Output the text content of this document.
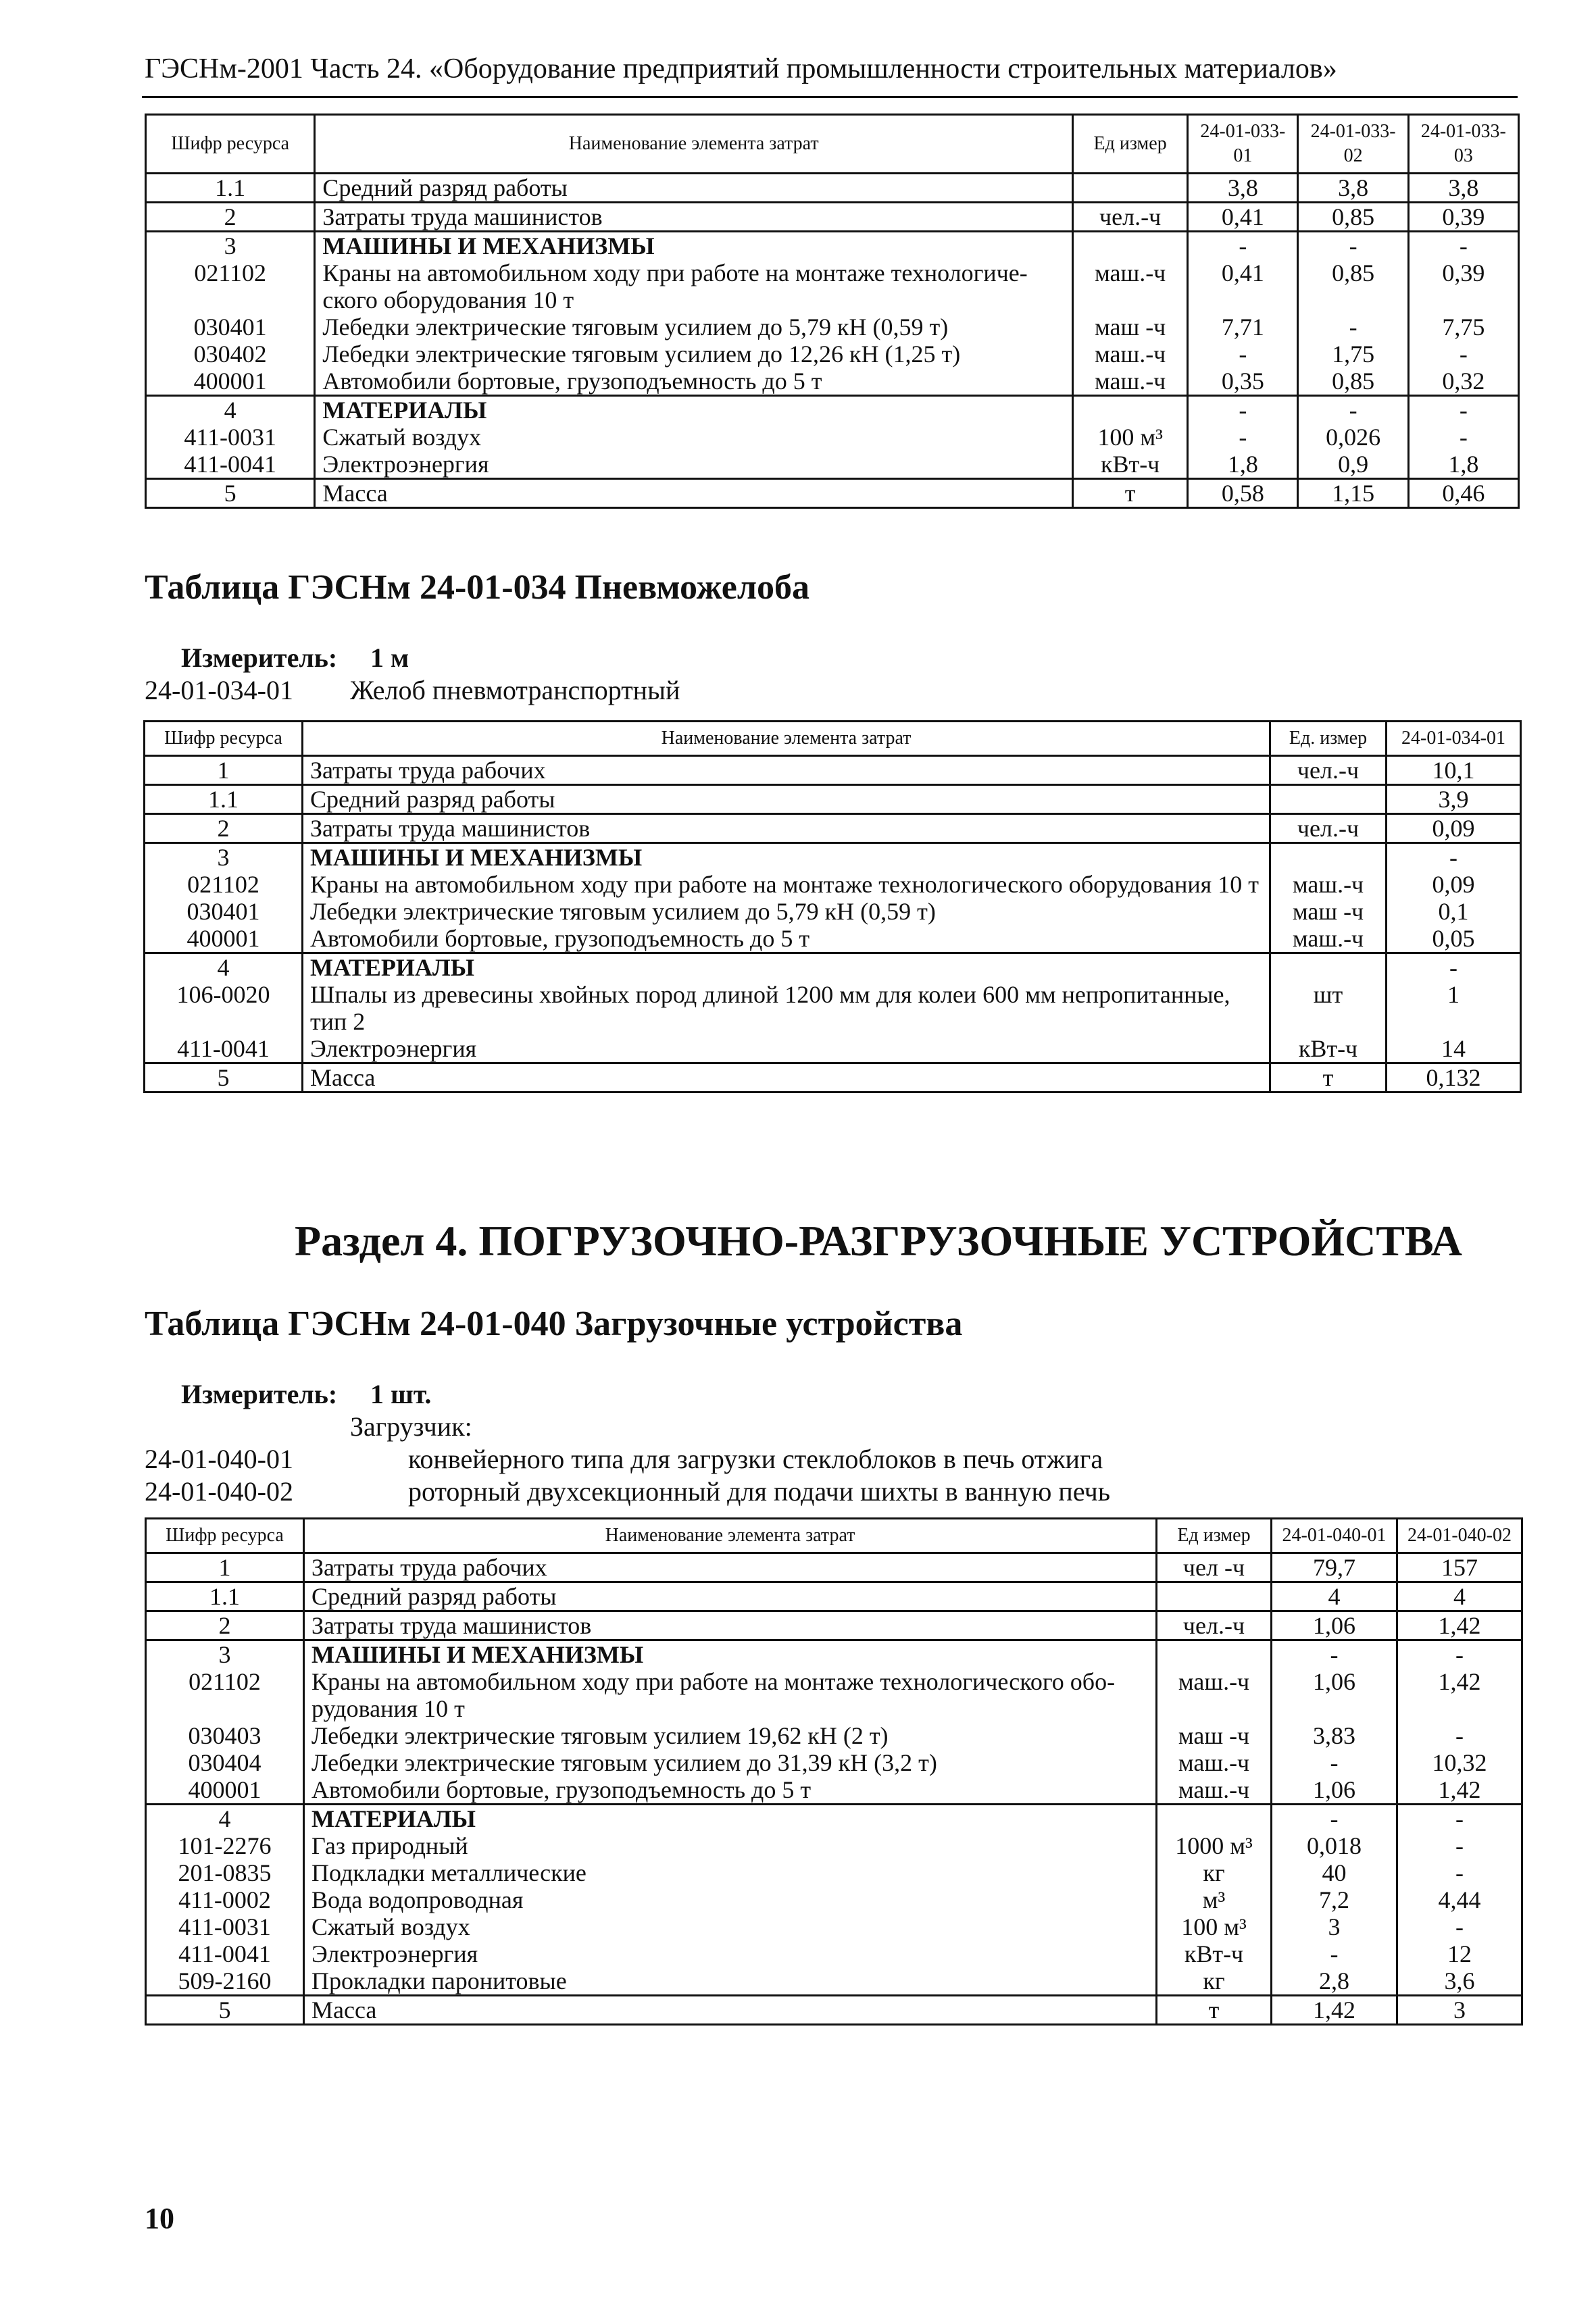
ГЭСНм-2001 Часть 24. «Оборудование предприятий промышленности строительных материалов»
Шифр ресурса	Наименование элемента затрат	Ед измер	24-01-033-01	24-01-033-02	24-01-033-03
1.1	Средний разряд работы		3,8	3,8	3,8
2	Затраты труда машинистов	чел.-ч	0,41	0,85	0,39
3	МАШИНЫ И МЕХАНИЗМЫ		-	-	-
021102	Краны на автомобильном ходу при работе на монтаже технологиче-ского оборудования 10 т	маш.-ч	0,41	0,85	0,39
030401	Лебедки электрические тяговым усилием до 5,79 кН (0,59 т)	маш -ч	7,71	-	7,75
030402	Лебедки электрические тяговым усилием до 12,26 кН (1,25 т)	маш.-ч	-	1,75	-
400001	Автомобили бортовые, грузоподъемность до 5 т	маш.-ч	0,35	0,85	0,32
4	МАТЕРИАЛЫ		-	-	-
411-0031	Сжатый воздух	100 м³	-	0,026	-
411-0041	Электроэнергия	кВт-ч	1,8	0,9	1,8
5	Масса	т	0,58	1,15	0,46
Таблица ГЭСНм 24-01-034 Пневможелоба
Измеритель: 1 м
24-01-034-01 Желоб пневмотранспортный
Шифр ресурса	Наименование элемента затрат	Ед. измер	24-01-034-01
1	Затраты труда рабочих	чел.-ч	10,1
1.1	Средний разряд работы		3,9
2	Затраты труда машинистов	чел.-ч	0,09
3	МАШИНЫ И МЕХАНИЗМЫ		-
021102	Краны на автомобильном ходу при работе на монтаже технологического оборудования 10 т	маш.-ч	0,09
030401	Лебедки электрические тяговым усилием до 5,79 кН (0,59 т)	маш -ч	0,1
400001	Автомобили бортовые, грузоподъемность до 5 т	маш.-ч	0,05
4	МАТЕРИАЛЫ		-
106-0020	Шпалы из древесины хвойных пород длиной 1200 мм для колеи 600 мм непропитанные, тип 2	шт	1
411-0041	Электроэнергия	кВт-ч	14
5	Масса	т	0,132
Раздел 4. ПОГРУЗОЧНО-РАЗГРУЗОЧНЫЕ УСТРОЙСТВА
Таблица ГЭСНм 24-01-040 Загрузочные устройства
Измеритель: 1 шт.
Загрузчик:
24-01-040-01	конвейерного типа для загрузки стеклоблоков в печь отжига
24-01-040-02	роторный двухсекционный для подачи шихты в ванную печь
Шифр ресурса	Наименование элемента затрат	Ед измер	24-01-040-01	24-01-040-02
1	Затраты труда рабочих	чел -ч	79,7	157
1.1	Средний разряд работы		4	4
2	Затраты труда машинистов	чел.-ч	1,06	1,42
3	МАШИНЫ И МЕХАНИЗМЫ		-	-
021102	Краны на автомобильном ходу при работе на монтаже технологического обо-рудования 10 т	маш.-ч	1,06	1,42
030403	Лебедки электрические тяговым усилием 19,62 кН (2 т)	маш -ч	3,83	-
030404	Лебедки электрические тяговым усилием до 31,39 кН (3,2 т)	маш.-ч	-	10,32
400001	Автомобили бортовые, грузоподъемность до 5 т	маш.-ч	1,06	1,42
4	МАТЕРИАЛЫ		-	-
101-2276	Газ природный	1000 м³	0,018	-
201-0835	Подкладки металлические	кг	40	-
411-0002	Вода водопроводная	м³	7,2	4,44
411-0031	Сжатый воздух	100 м³	3	-
411-0041	Электроэнергия	кВт-ч	-	12
509-2160	Прокладки паронитовые	кг	2,8	3,6
5	Масса	т	1,42	3
10
